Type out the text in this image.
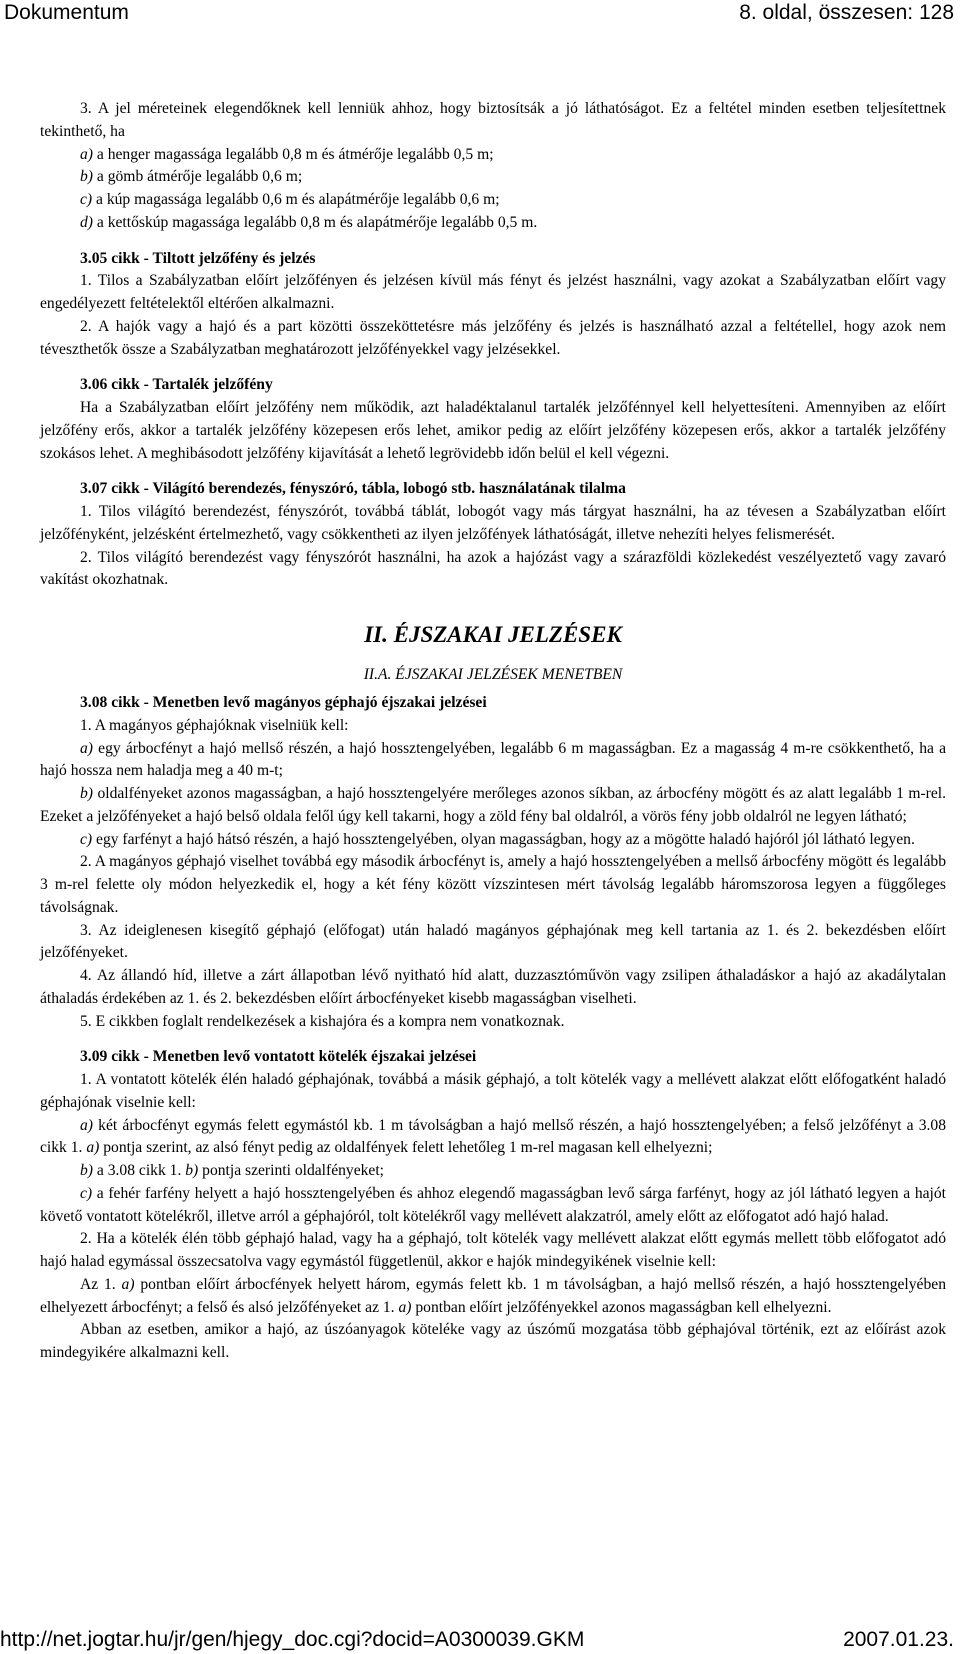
Dokumentum	8. oldal, összesen: 128

3. A jel méreteinek elegendőknek kell lenniük ahhoz, hogy biztosítsák a jó láthatóságot. Ez a feltétel minden esetben teljesítettnek tekinthető, ha

a) a henger magassága legalább 0,8 m és átmérője legalább 0,5 m;

b) a gömb átmérője legalább 0,6 m;

c) a kúp magassága legalább 0,6 m és alapátmérője legalább 0,6 m;

d) a kettőskúp magassága legalább 0,8 m és alapátmérője legalább 0,5 m.

3.05 cikk - Tiltott jelzőfény és jelzés

1. Tilos a Szabályzatban előírt jelzőfényen és jelzésen kívül más fényt és jelzést használni, vagy azokat a Szabályzatban előírt vagy engedélyezett feltételektől eltérően alkalmazni.

2. A hajók vagy a hajó és a part közötti összeköttetésre más jelzőfény és jelzés is használható azzal a feltétellel, hogy azok nem téveszthetők össze a Szabályzatban meghatározott jelzőfényekkel vagy jelzésekkel.

3.06 cikk - Tartalék jelzőfény

Ha a Szabályzatban előírt jelzőfény nem működik, azt haladéktalanul tartalék jelzőfénnyel kell helyettesíteni. Amennyiben az előírt jelzőfény erős, akkor a tartalék jelzőfény közepesen erős lehet, amikor pedig az előírt jelzőfény közepesen erős, akkor a tartalék jelzőfény szokásos lehet. A meghibásodott jelzőfény kijavítását a lehető legrövidebb időn belül el kell végezni.

3.07 cikk - Világító berendezés, fényszóró, tábla, lobogó stb. használatának tilalma

1. Tilos világító berendezést, fényszórót, továbbá táblát, lobogót vagy más tárgyat használni, ha az tévesen a Szabályzatban előírt jelzőfényként, jelzésként értelmezhető, vagy csökkentheti az ilyen jelzőfények láthatóságát, illetve nehezíti helyes felismerését.

2. Tilos világító berendezést vagy fényszórót használni, ha azok a hajózást vagy a szárazföldi közlekedést veszélyeztető vagy zavaró vakítást okozhatnak.

II. ÉJSZAKAI JELZÉSEK

II.A. ÉJSZAKAI JELZÉSEK MENETBEN

3.08 cikk - Menetben levő magányos géphajó éjszakai jelzései

1. A magányos géphajóknak viselniük kell:

a) egy árbocfényt a hajó mellső részén, a hajó hossztengelyében, legalább 6 m magasságban. Ez a magasság 4 m-re csökkenthető, ha a hajó hossza nem haladja meg a 40 m-t;

b) oldalfényeket azonos magasságban, a hajó hossztengelyére merőleges azonos síkban, az árbocfény mögött és az alatt legalább 1 m-rel. Ezeket a jelzőfényeket a hajó belső oldala felől úgy kell takarni, hogy a zöld fény bal oldalról, a vörös fény jobb oldalról ne legyen látható;

c) egy farfényt a hajó hátsó részén, a hajó hossztengelyében, olyan magasságban, hogy az a mögötte haladó hajóról jól látható legyen.

2. A magányos géphajó viselhet továbbá egy második árbocfényt is, amely a hajó hossztengelyében a mellső árbocfény mögött és legalább 3 m-rel felette oly módon helyezkedik el, hogy a két fény között vízszintesen mért távolság legalább háromszorosa legyen a függőleges távolságnak.

3. Az ideiglenesen kisegítő géphajó (előfogat) után haladó magányos géphajónak meg kell tartania az 1. és 2. bekezdésben előírt jelzőfényeket.

4. Az állandó híd, illetve a zárt állapotban lévő nyitható híd alatt, duzzasztóművön vagy zsilipen áthaladáskor a hajó az akadálytalan áthaladás érdekében az 1. és 2. bekezdésben előírt árbocfényeket kisebb magasságban viselheti.

5. E cikkben foglalt rendelkezések a kishajóra és a kompra nem vonatkoznak.

3.09 cikk - Menetben levő vontatott kötelék éjszakai jelzései

1. A vontatott kötelék élén haladó géphajónak, továbbá a másik géphajó, a tolt kötelék vagy a mellévett alakzat előtt előfogatként haladó géphajónak viselnie kell:

a) két árbocfényt egymás felett egymástól kb. 1 m távolságban a hajó mellső részén, a hajó hossztengelyében; a felső jelzőfényt a 3.08 cikk 1. a) pontja szerint, az alsó fényt pedig az oldalfények felett lehetőleg 1 m-rel magasan kell elhelyezni;

b) a 3.08 cikk 1. b) pontja szerinti oldalfényeket;

c) a fehér farfény helyett a hajó hossztengelyében és ahhoz elegendő magasságban levő sárga farfényt, hogy az jól látható legyen a hajót követő vontatott kötelékről, illetve arról a géphajóról, tolt kötelékről vagy mellévett alakzatról, amely előtt az előfogatot adó hajó halad.

2. Ha a kötelék élén több géphajó halad, vagy ha a géphajó, tolt kötelék vagy mellévett alakzat előtt egymás mellett több előfogatot adó hajó halad egymással összecsatolva vagy egymástól függetlenül, akkor e hajók mindegyikének viselnie kell:

Az 1. a) pontban előírt árbocfények helyett három, egymás felett kb. 1 m távolságban, a hajó mellső részén, a hajó hossztengelyében elhelyezett árbocfényt; a felső és alsó jelzőfényeket az 1. a) pontban előírt jelzőfényekkel azonos magasságban kell elhelyezni.

Abban az esetben, amikor a hajó, az úszóanyagok köteléke vagy az úszómű mozgatása több géphajóval történik, ezt az előírást azok mindegyikére alkalmazni kell.

http://net.jogtar.hu/jr/gen/hjegy_doc.cgi?docid=A0300039.GKM	2007.01.23.
